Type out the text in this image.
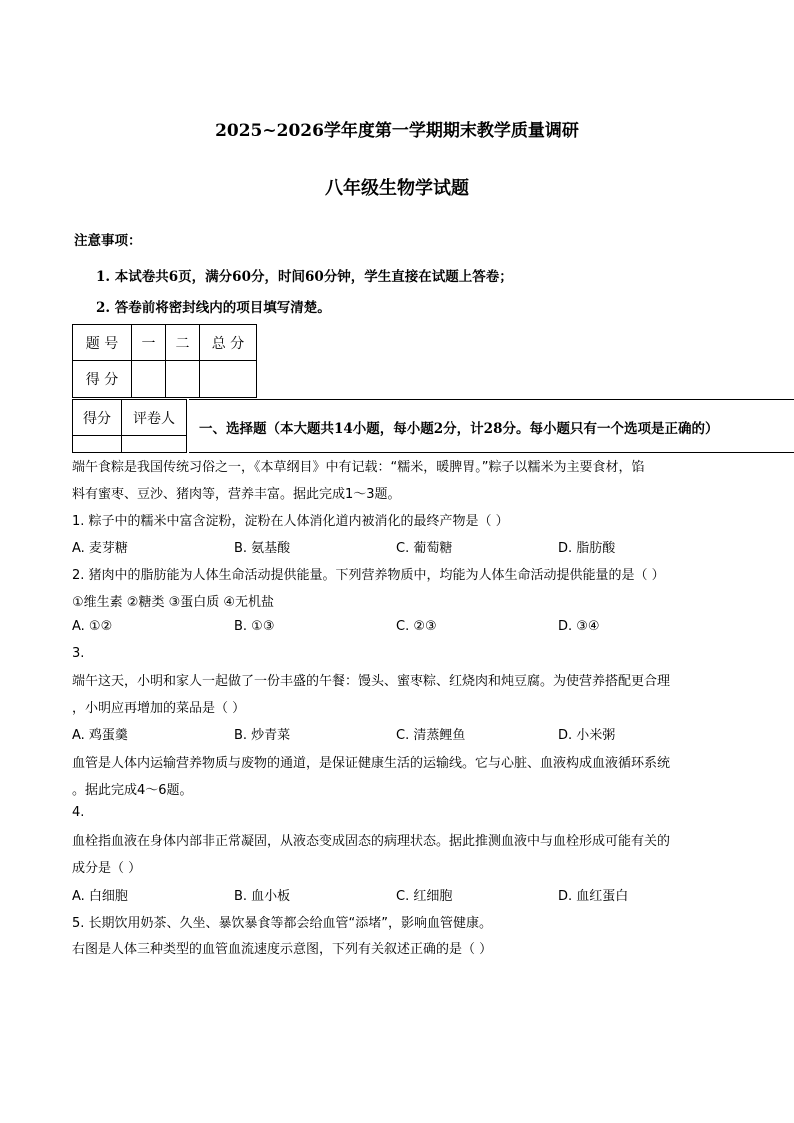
2025~2026学年度第一学期期末教学质量调研
八年级生物学试题
注意事项：
1. 本试卷共6页，满分60分，时间60分钟，学生直接在试题上答卷；
2. 答卷前将密封线内的项目填写清楚。
题 号	一	二	总 分
得 分			
得分	评卷人

一、选择题（本大题共14小题，每小题2分，计28分。每小题只有一个选项是正确的）
端午食粽是我国传统习俗之一，《本草纲目》中有记载：“糯米，暖脾胃。”粽子以糯米为主要食材，馅
料有蜜枣、豆沙、猪肉等，营养丰富。据此完成1～3题。
1. 粽子中的糯米中富含淀粉，淀粉在人体消化道内被消化的最终产物是（ ）
A. 麦芽糖	B. 氨基酸	C. 葡萄糖	D. 脂肪酸
2. 猪肉中的脂肪能为人体生命活动提供能量。下列营养物质中，均能为人体生命活动提供能量的是（ ）
①维生素 ②糖类 ③蛋白质 ④无机盐
A. ①②	B. ①③	C. ②③	D. ③④
3.
端午这天，小明和家人一起做了一份丰盛的午餐：馒头、蜜枣粽、红烧肉和炖豆腐。为使营养搭配更合理
，小明应再增加的菜品是（ ）
A. 鸡蛋羹	B. 炒青菜	C. 清蒸鲤鱼	D. 小米粥
血管是人体内运输营养物质与废物的通道，是保证健康生活的运输线。它与心脏、血液构成血液循环系统
。据此完成4～6题。
4.
血栓指血液在身体内部非正常凝固，从液态变成固态的病理状态。据此推测血液中与血栓形成可能有关的
成分是（ ）
A. 白细胞	B. 血小板	C. 红细胞	D. 血红蛋白
5. 长期饮用奶茶、久坐、暴饮暴食等都会给血管“添堵”，影响血管健康。
右图是人体三种类型的血管血流速度示意图，下列有关叙述正确的是（ ）
